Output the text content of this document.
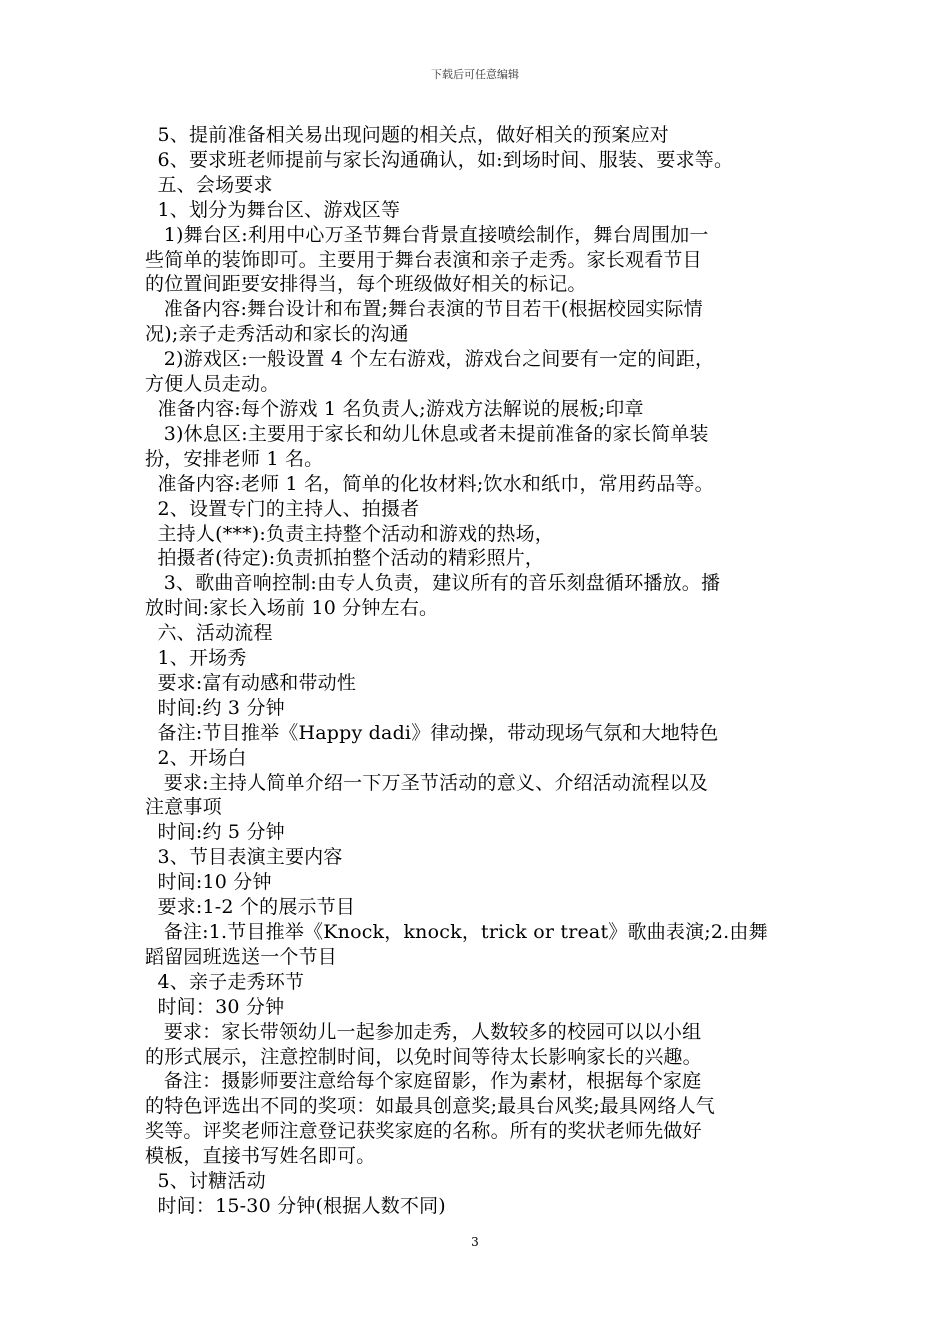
下载后可任意编辑

5、提前准备相关易出现问题的相关点，做好相关的预案应对

6、要求班老师提前与家长沟通确认，如:到场时间、服装、要求等。

五、会场要求

1、划分为舞台区、游戏区等

1)舞台区:利用中心万圣节舞台背景直接喷绘制作，舞台周围加一

些简单的装饰即可。主要用于舞台表演和亲子走秀。家长观看节目

的位置间距要安排得当，每个班级做好相关的标记。

准备内容:舞台设计和布置;舞台表演的节目若干(根据校园实际情

况);亲子走秀活动和家长的沟通

2)游戏区:一般设置 4 个左右游戏，游戏台之间要有一定的间距，

方便人员走动。

准备内容:每个游戏 1 名负责人;游戏方法解说的展板;印章

3)休息区:主要用于家长和幼儿休息或者未提前准备的家长简单装

扮，安排老师 1 名。

准备内容:老师 1 名，简单的化妆材料;饮水和纸巾，常用药品等。

2、设置专门的主持人、拍摄者

主持人(***):负责主持整个活动和游戏的热场，

拍摄者(待定):负责抓拍整个活动的精彩照片，

3、歌曲音响控制:由专人负责，建议所有的音乐刻盘循环播放。播

放时间:家长入场前 10 分钟左右。

六、活动流程

1、开场秀

要求:富有动感和带动性

时间:约 3 分钟

备注:节目推举《Happy dadi》律动操，带动现场气氛和大地特色

2、开场白

要求:主持人简单介绍一下万圣节活动的意义、介绍活动流程以及

注意事项

时间:约 5 分钟

3、节目表演主要内容

时间:10 分钟

要求:1-2 个的展示节目

备注:1.节目推举《Knock，knock，trick or treat》歌曲表演;2.由舞

蹈留园班选送一个节目

4、亲子走秀环节

时间：30 分钟

要求：家长带领幼儿一起参加走秀，人数较多的校园可以以小组

的形式展示，注意控制时间，以免时间等待太长影响家长的兴趣。

备注：摄影师要注意给每个家庭留影，作为素材，根据每个家庭

的特色评选出不同的奖项：如最具创意奖;最具台风奖;最具网络人气

奖等。评奖老师注意登记获奖家庭的名称。所有的奖状老师先做好

模板，直接书写姓名即可。

5、讨糖活动

时间：15-30 分钟(根据人数不同)

3
